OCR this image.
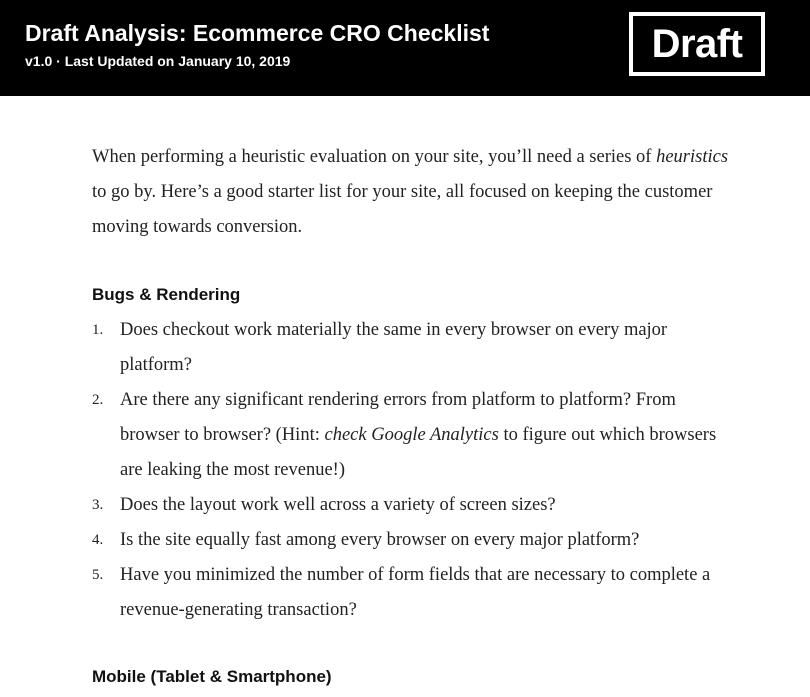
Draft Analysis: Ecommerce CRO Checklist

v1.0 · Last Updated on January 10, 2019	Draft

When performing a heuristic evaluation on your site, you’ll need a series of heuristics to go by. Here’s a good starter list for your site, all focused on keeping the customer moving towards conversion.

Bugs & Rendering
1. Does checkout work materially the same in every browser on every major platform?
2. Are there any significant rendering errors from platform to platform? From browser to browser? (Hint: check Google Analytics to figure out which browsers are leaking the most revenue!)
3. Does the layout work well across a variety of screen sizes?
4. Is the site equally fast among every browser on every major platform?
5. Have you minimized the number of form fields that are necessary to complete a revenue-generating transaction?
Mobile (Tablet & Smartphone)
